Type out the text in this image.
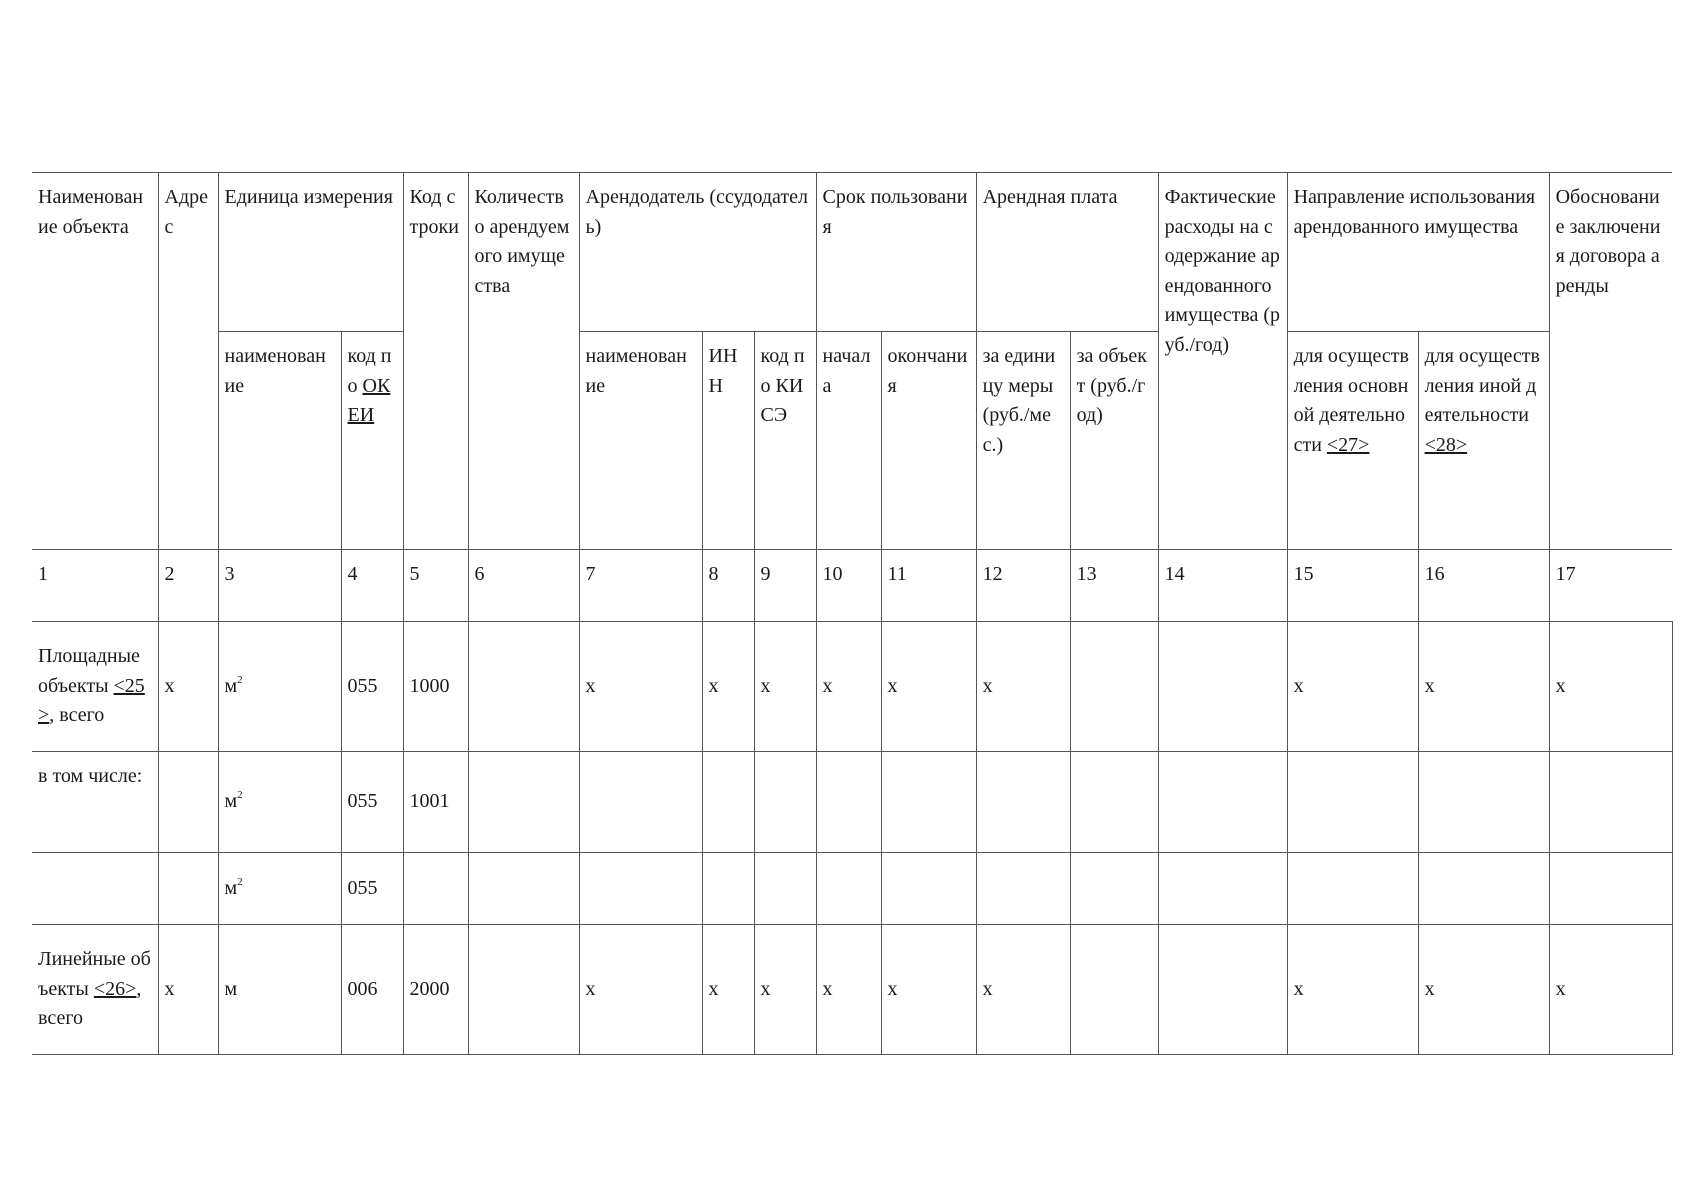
Наименование объекта	Адрес	Единица измерения		Код строки	Количество арендуемого имущества	Арендодатель (ссудодатель)			Срок пользования		Арендная плата		Фактические расходы на содержание арендованного имущества (руб./год)	Направление использования арендованного имущества		Обоснование заключения договора аренды
		наименование	код по ОКЕИ			наименование	ИНН	код по КИСЭ	начала	окончания	за единицу меры (руб./мес.)	за объект (руб./год)		для осуществления основной деятельности <27>	для осуществления иной деятельности <28>	
1	2	3	4	5	6	7	8	9	10	11	12	13	14	15	16	17
Площадные объекты <25>, всего	x	$м^2$	055	1000		x	x	x	x	x	x			x	x	x
в том числе:		$м^2$	055	1001												
		$м^2$	055													
Линейные объекты <26>, всего	x	м	006	2000		x	x	x	x	x	x			x	x	x
